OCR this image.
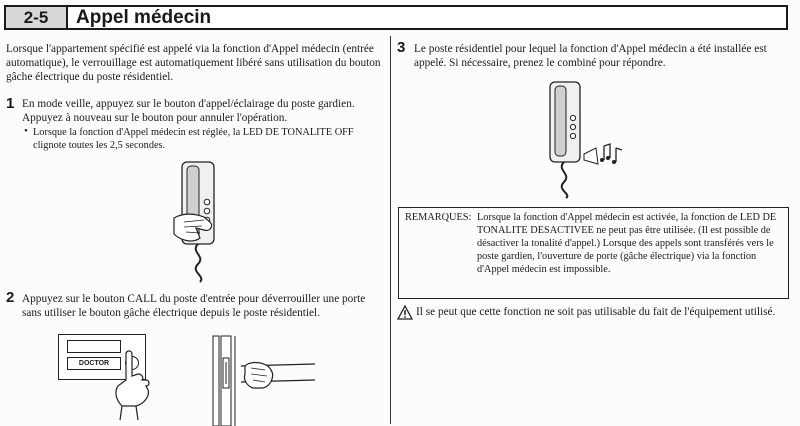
2-5	Appel médecin

Lorsque l'appartement spécifié est appelé via la fonction d'Appel médecin (entrée automatique), le verrouillage est automatiquement libéré sans utilisation du bouton gâche électrique du poste résidentiel.

1 En mode veille, appuyez sur le bouton d'appel/éclairage du poste gardien. Appuyez à nouveau sur le bouton pour annuler l'opération.

• Lorsque la fonction d'Appel médecin est réglée, la LED DE TONALITE OFF clignote toutes les 2,5 secondes.

2 Appuyez sur le bouton CALL du poste d'entrée pour déverrouiller une porte sans utiliser le bouton gâche électrique depuis le poste résidentiel.

DOCTOR
3 Le poste résidentiel pour lequel la fonction d'Appel médecin a été installée est appelé. Si nécessaire, prenez le combiné pour répondre.

REMARQUES: Lorsque la fonction d'Appel médecin est activée, la fonction de LED DE TONALITE DESACTIVEE ne peut pas être utilisée. (Il est possible de désactiver la tonalité d'appel.) Lorsque des appels sont transférés vers le poste gardien, l'ouverture de porte (gâche électrique) via la fonction d'Appel médecin est impossible.

Il se peut que cette fonction ne soit pas utilisable du fait de l'équipement utilisé.
